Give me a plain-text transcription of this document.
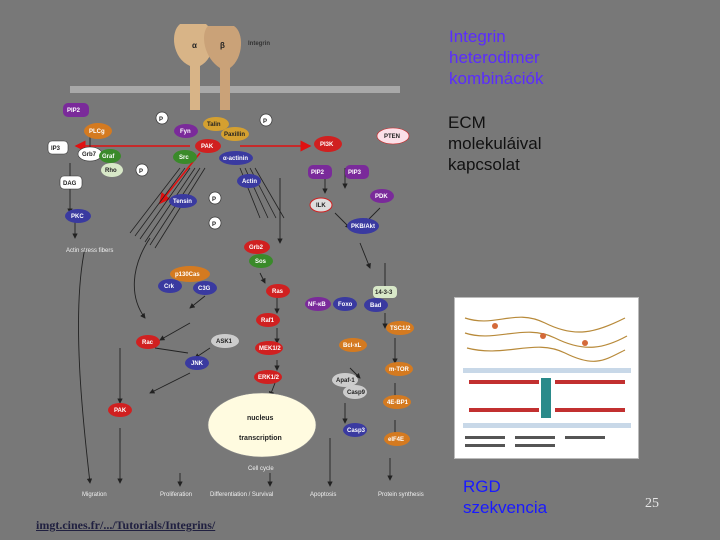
α	β	Integrin
P	P
P
P
P
PIP2
PLCg
IP3
Grb7 Graf
Rho
DAG
PKC
Fyn
Talin
Paxillin
PAK
Src	α-actinin
Actin
Tensin
PI3K
PTEN
PIP2	PIP3
PDK
ILK
PKB/Akt
Grb2
Sos
p130Cas
Crk	C3G	Ras
NF-κB Foxo	Bad
14-3-3
Raf1
TSC1/2
Rac	ASK1
MEK1/2	Bcl-xL
JNK
ERK1/2
m-TOR
Apaf-1
Casp9
4E-BP1
PAK
Casp3
eIF4E
nucleus
transcription
Cell cycle
Actin stress fibers
Migration	Proliferation	Differentiation / Survival	Apoptosis	Protein synthesis
Integrin
heterodimer
kombinációk
ECM
molekuláival
kapcsolat
RGD
szekvencia	25
imgt.cines.fr/.../Tutorials/Integrins/
